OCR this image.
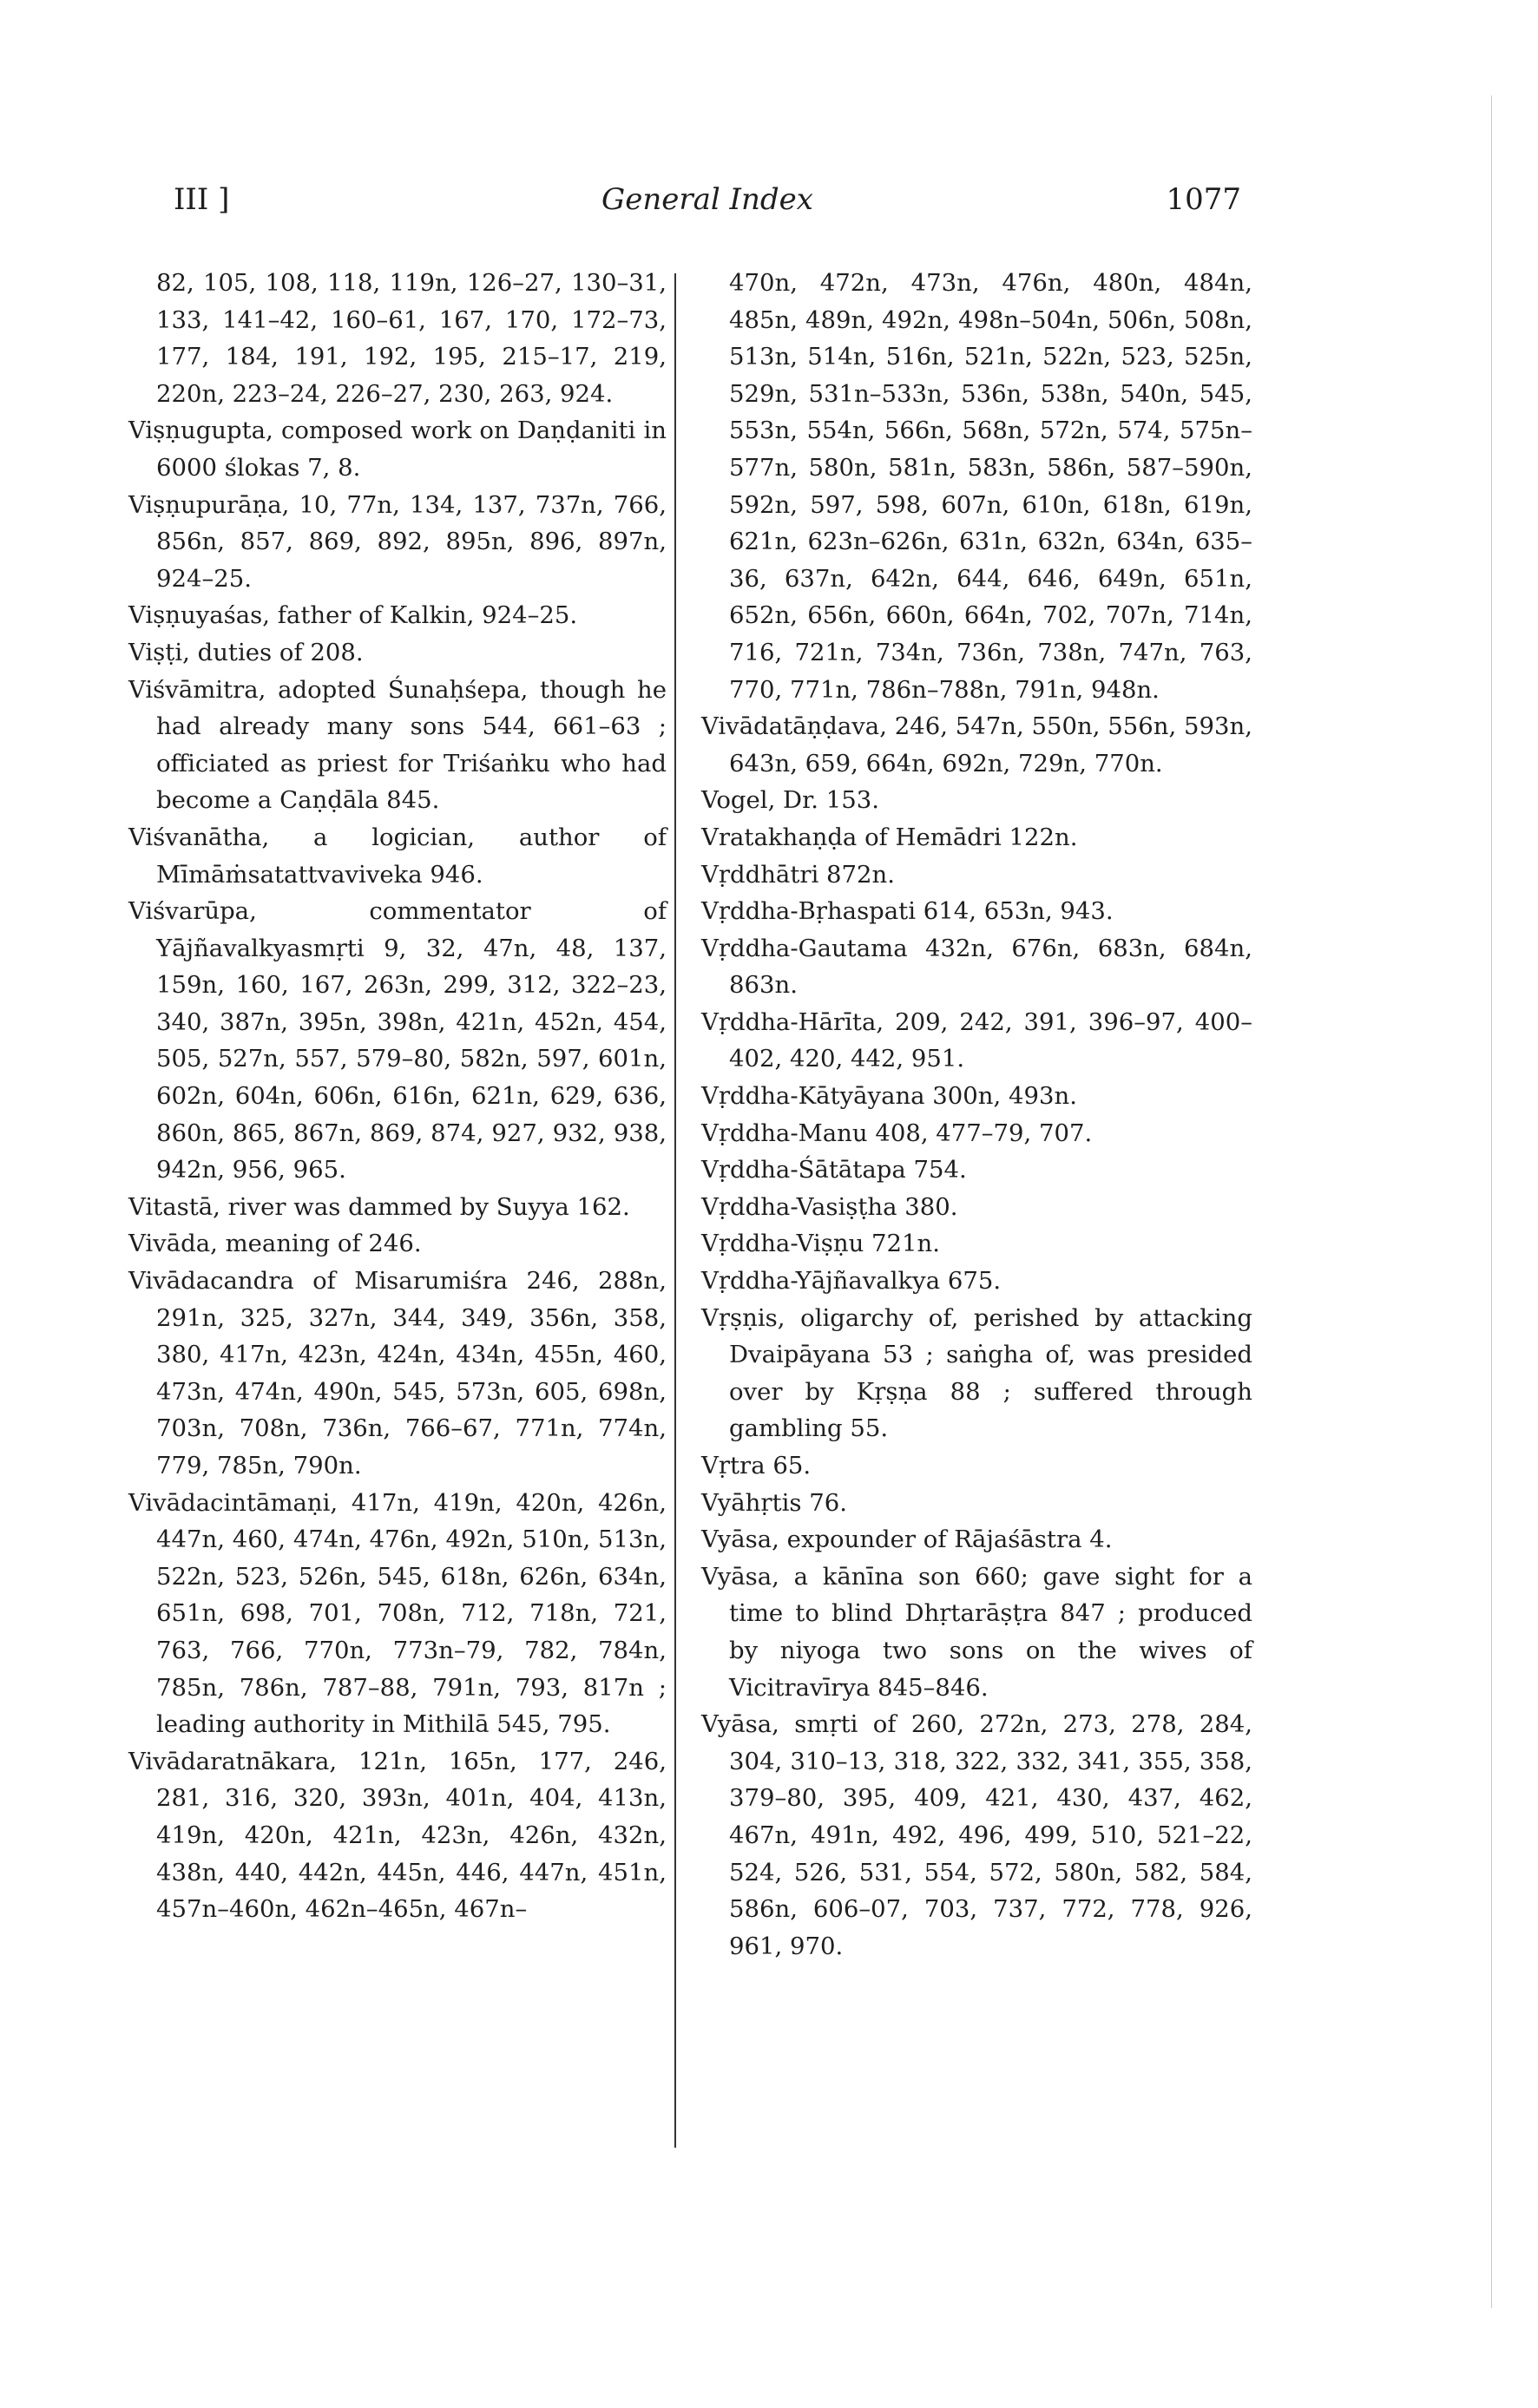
III ]	General Index	1077
82, 105, 108, 118, 119n, 126–27, 130–31, 133, 141–42, 160–61, 167, 170, 172–73, 177, 184, 191, 192, 195, 215–17, 219, 220n, 223–24, 226–27, 230, 263, 924.
Viṣṇugupta, composed work on Daṇḍaniti in 6000 ślokas 7, 8.
Viṣṇupurāṇa, 10, 77n, 134, 137, 737n, 766, 856n, 857, 869, 892, 895n, 896, 897n, 924–25.
Viṣṇuyaśas, father of Kalkin, 924–25.
Viṣṭi, duties of 208.
Viśvāmitra, adopted Śunaḥśepa, though he had already many sons 544, 661–63 ; officiated as priest for Triśaṅku who had become a Caṇḍāla 845.
Viśvanātha, a logician, author of Mīmāṁsatattvaviveka 946.
Viśvarūpa, commentator of Yājñavalkyasmṛti 9, 32, 47n, 48, 137, 159n, 160, 167, 263n, 299, 312, 322–23, 340, 387n, 395n, 398n, 421n, 452n, 454, 505, 527n, 557, 579–80, 582n, 597, 601n, 602n, 604n, 606n, 616n, 621n, 629, 636, 860n, 865, 867n, 869, 874, 927, 932, 938, 942n, 956, 965.
Vitastā, river was dammed by Suyya 162.
Vivāda, meaning of 246.
Vivādacandra of Misarumiśra 246, 288n, 291n, 325, 327n, 344, 349, 356n, 358, 380, 417n, 423n, 424n, 434n, 455n, 460, 473n, 474n, 490n, 545, 573n, 605, 698n, 703n, 708n, 736n, 766–67, 771n, 774n, 779, 785n, 790n.
Vivādacintāmaṇi, 417n, 419n, 420n, 426n, 447n, 460, 474n, 476n, 492n, 510n, 513n, 522n, 523, 526n, 545, 618n, 626n, 634n, 651n, 698, 701, 708n, 712, 718n, 721, 763, 766, 770n, 773n–79, 782, 784n, 785n, 786n, 787–88, 791n, 793, 817n ; leading authority in Mithilā 545, 795.
Vivādaratnākara, 121n, 165n, 177, 246, 281, 316, 320, 393n, 401n, 404, 413n, 419n, 420n, 421n, 423n, 426n, 432n, 438n, 440, 442n, 445n, 446, 447n, 451n, 457n–460n, 462n–465n, 467n–
470n, 472n, 473n, 476n, 480n, 484n, 485n, 489n, 492n, 498n–504n, 506n, 508n, 513n, 514n, 516n, 521n, 522n, 523, 525n, 529n, 531n–533n, 536n, 538n, 540n, 545, 553n, 554n, 566n, 568n, 572n, 574, 575n–577n, 580n, 581n, 583n, 586n, 587–590n, 592n, 597, 598, 607n, 610n, 618n, 619n, 621n, 623n–626n, 631n, 632n, 634n, 635–36, 637n, 642n, 644, 646, 649n, 651n, 652n, 656n, 660n, 664n, 702, 707n, 714n, 716, 721n, 734n, 736n, 738n, 747n, 763, 770, 771n, 786n–788n, 791n, 948n.
Vivādatāṇḍava, 246, 547n, 550n, 556n, 593n, 643n, 659, 664n, 692n, 729n, 770n.
Vogel, Dr. 153.
Vratakhaṇḍa of Hemādri 122n.
Vṛddhātri 872n.
Vṛddha-Bṛhaspati 614, 653n, 943.
Vṛddha-Gautama 432n, 676n, 683n, 684n, 863n.
Vṛddha-Hārīta, 209, 242, 391, 396–97, 400–402, 420, 442, 951.
Vṛddha-Kātyāyana 300n, 493n.
Vṛddha-Manu 408, 477–79, 707.
Vṛddha-Śātātapa 754.
Vṛddha-Vasiṣṭha 380.
Vṛddha-Viṣṇu 721n.
Vṛddha-Yājñavalkya 675.
Vṛṣṇis, oligarchy of, perished by attacking Dvaipāyana 53 ; saṅgha of, was presided over by Kṛṣṇa 88 ; suffered through gambling 55.
Vṛtra 65.
Vyāhṛtis 76.
Vyāsa, expounder of Rājaśāstra 4.
Vyāsa, a kānīna son 660; gave sight for a time to blind Dhṛtarāṣṭra 847 ; produced by niyoga two sons on the wives of Vicitravīrya 845–846.
Vyāsa, smṛti of 260, 272n, 273, 278, 284, 304, 310–13, 318, 322, 332, 341, 355, 358, 379–80, 395, 409, 421, 430, 437, 462, 467n, 491n, 492, 496, 499, 510, 521–22, 524, 526, 531, 554, 572, 580n, 582, 584, 586n, 606–07, 703, 737, 772, 778, 926, 961, 970.
